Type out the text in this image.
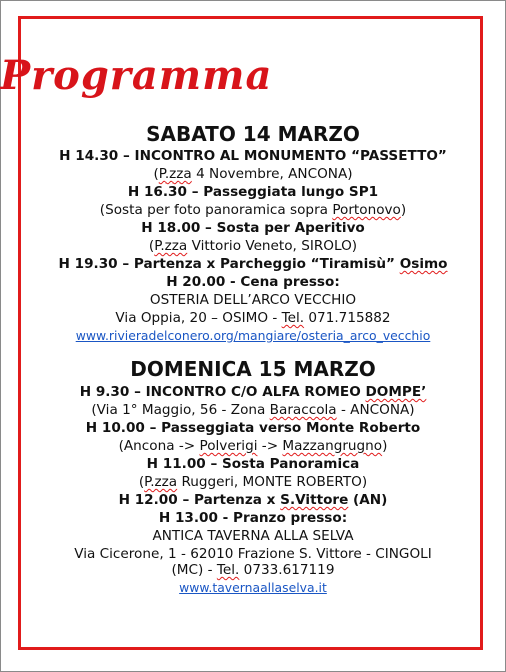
Programma
SABATO 14 MARZO
H 14.30 – INCONTRO AL MONUMENTO “PASSETTO”
(P.zza 4 Novembre, ANCONA)
H 16.30 – Passeggiata lungo SP1
(Sosta per foto panoramica sopra Portonovo)
H 18.00 – Sosta per Aperitivo
(P.zza Vittorio Veneto, SIROLO)
H 19.30 – Partenza x Parcheggio “Tiramisù” Osimo
H 20.00 - Cena presso:
OSTERIA DELL’ARCO VECCHIO
Via Oppia, 20 – OSIMO - Tel. 071.715882
www.rivieradelconero.org/mangiare/osteria_arco_vecchio
DOMENICA 15 MARZO
H 9.30 – INCONTRO C/O ALFA ROMEO DOMPE’
(Via 1° Maggio, 56 - Zona Baraccola - ANCONA)
H 10.00 – Passeggiata verso Monte Roberto
(Ancona -> Polverigi -> Mazzangrugno)
H 11.00 – Sosta Panoramica
(P.zza Ruggeri, MONTE ROBERTO)
H 12.00 – Partenza x S.Vittore (AN)
H 13.00 - Pranzo presso:
ANTICA TAVERNA ALLA SELVA
Via Cicerone, 1 - 62010 Frazione S. Vittore - CINGOLI
(MC) - Tel. 0733.617119
www.tavernaallaselva.it
